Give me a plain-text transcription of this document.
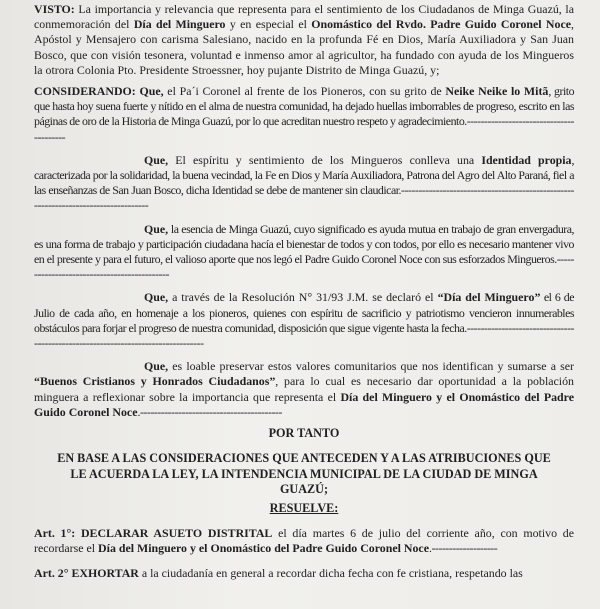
VISTO: La importancia y relevancia que representa para el sentimiento de los Ciudadanos de Minga Guazú, la conmemoración del Día del Minguero y en especial el Onomástico del Rvdo. Padre Guido Coronel Noce, Apóstol y Mensajero con carisma Salesiano, nacido en la profunda Fé en Dios, María Auxiliadora y San Juan Bosco, que con visión tesonera, voluntad e inmenso amor al agricultor, ha fundado con ayuda de los Mingueros la otrora Colonia Pto. Presidente Stroessner, hoy pujante Distrito de Minga Guazú, y;

CONSIDERANDO: Que, el Pa´i Coronel al frente de los Pioneros, con su grito de Neike Neike lo Mitã, grito que hasta hoy suena fuerte y nítido en el alma de nuestra comunidad, ha dejado huellas imborrables de progreso, escrito en las páginas de oro de la Historia de Minga Guazú, por lo que acreditan nuestro respeto y agradecimiento.----------------------------------------

Que, El espíritu y sentimiento de los Mingueros conlleva una Identidad propia, caracterizada por la solidaridad, la buena vecindad, la Fe en Dios y María Auxiliadora, Patrona del Agro del Alto Paraná, fiel a las enseñanzas de San Juan Bosco, dicha Identidad se debe de mantener sin claudicar.-----------------------------------------------------------------------------------

Que, la esencia de Minga Guazú, cuyo significado es ayuda mutua en trabajo de gran envergadura, es una forma de trabajo y participación ciudadana hacía el bienestar de todos y con todos, por ello es necesario mantener vivo en el presente y para el futuro, el valioso aporte que nos legó el Padre Guido Coronel Noce con sus esforzados Mingueros.--------------------------------------------

Que, a través de la Resolución N° 31/93 J.M. se declaró el “Día del Minguero” el 6 de Julio de cada año, en homenaje a los pioneros, quienes con espíritu de sacrificio y patriotismo vencieron innumerables obstáculos para forjar el progreso de nuestra comunidad, disposición que sigue vigente hasta la fecha.--------------------------------------------------------------------------------

Que, es loable preservar estos valores comunitarios que nos identifican y sumarse a ser “Buenos Cristianos y Honrados Ciudadanos”, para lo cual es necesario dar oportunidad a la población minguera a reflexionar sobre la importancia que representa el Día del Minguero y el Onomástico del Padre Guido Coronel Noce.-----------------------------------------

POR TANTO

EN BASE A LAS CONSIDERACIONES QUE ANTECEDEN Y A LAS ATRIBUCIONES QUE LE ACUERDA LA LEY, LA INTENDENCIA MUNICIPAL DE LA CIUDAD DE MINGA GUAZÚ;

RESUELVE:

Art. 1°: DECLARAR ASUETO DISTRITAL el día martes 6 de julio del corriente año, con motivo de recordarse el Día del Minguero y el Onomástico del Padre Guido Coronel Noce.-------------------

Art. 2° EXHORTAR a la ciudadanía en general a recordar dicha fecha con fe cristiana, respetando las
